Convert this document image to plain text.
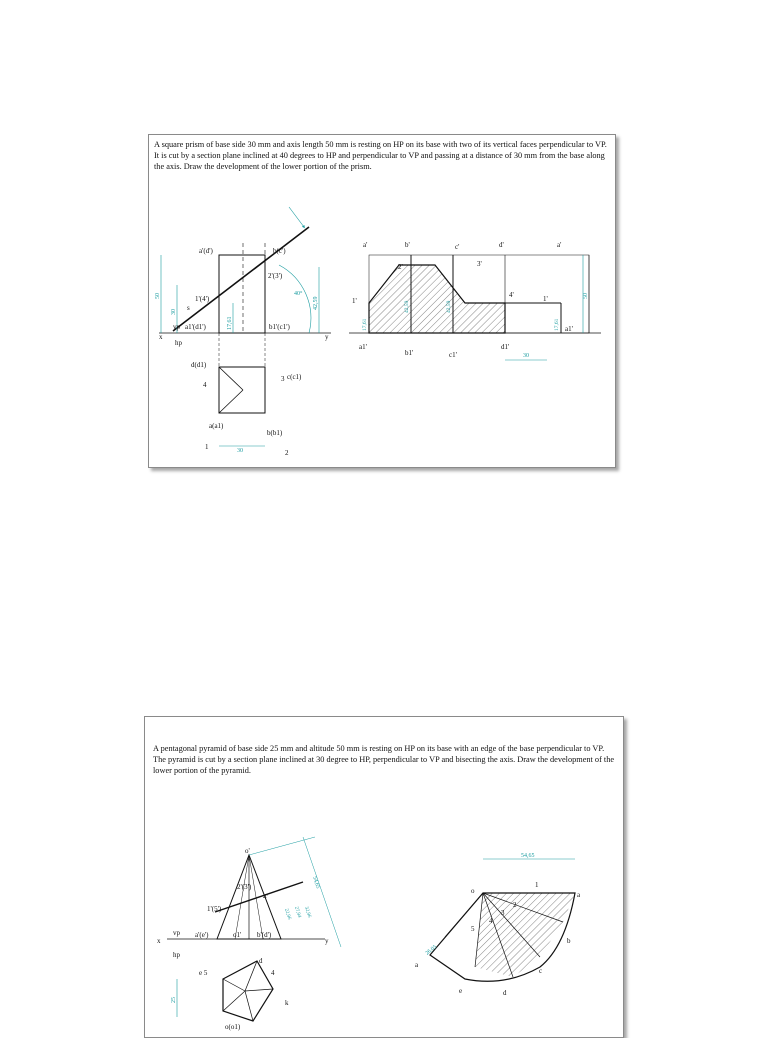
A square prism of base side 30 mm and axis length 50 mm is resting on HP on its base with two of its vertical faces perpendicular to VP. It is cut by a section plane inclined at 40 degrees to HP and perpendicular to VP and passing at a distance of 30 mm from the base along the axis. Draw the development of the lower portion of the prism.

50
30
17,61
30
40°
42,59
a'(d')	b(c')
2'(3')
1'(4')
s
vp a1'(d1')	b1'(c1')
x
hp
y
d(d1)
c(c1)
4
3
a(a1)
b(b1)
1
2
17,61
42,59	42,59
17,61
50
30
a'	b'	c'	d'	a'
2'	3'
1'
4'	1'
a1'
b1'	c1'
d1'
a1'

A pentagonal pyramid of base side 25 mm and altitude 50 mm is resting on HP on its base with an edge of the base perpendicular to VP. The pyramid is cut by a section plane inclined at 30 degree to HP, perpendicular to VP and bisecting the axis. Draw the development of the lower portion of the pyramid.

54,65
32,96
27,94
22,96
25
54,65
26,05
o'
2'(3')
4'
1'(5')
vp
x
a'(e')	o1' b'(d')
y
hp
e 5
d
4
k
o(o1)
o
1
a
2
3
4
5
b
c
d
e
a
